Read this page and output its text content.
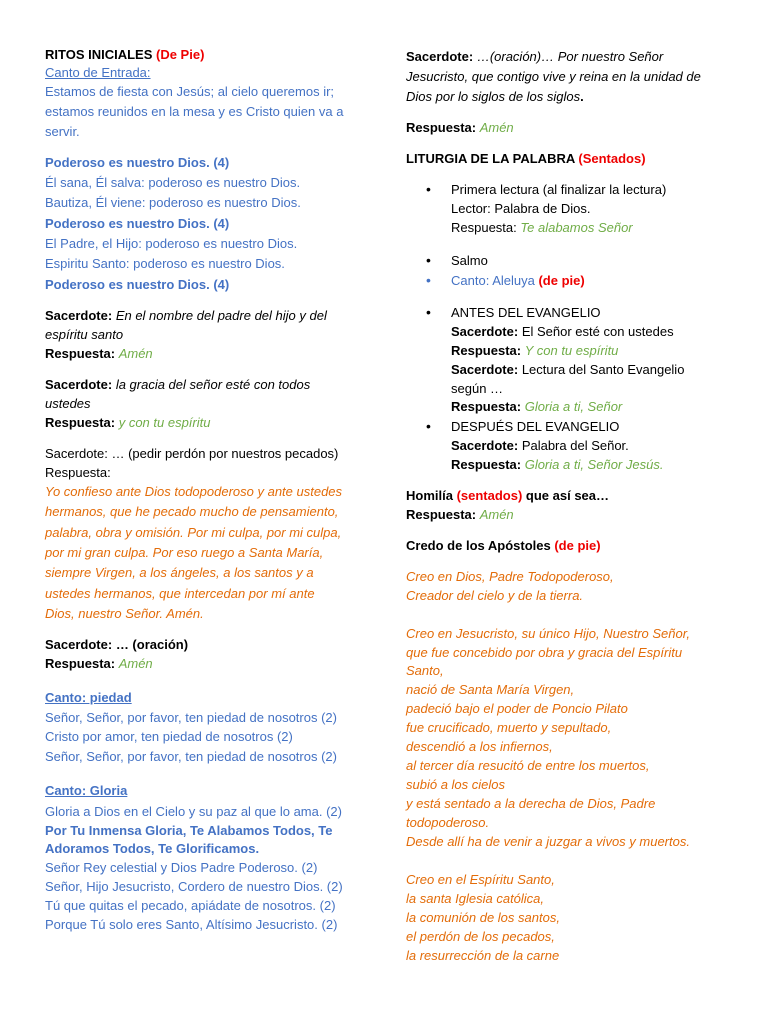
RITOS INICIALES (De Pie)
Canto de Entrada:
Estamos de fiesta con Jesús; al cielo queremos ir;
estamos reunidos en la mesa y es Cristo quien va a
servir.
Poderoso es nuestro Dios. (4)
Él sana, Él salva: poderoso es nuestro Dios.
Bautiza, Él viene: poderoso es nuestro Dios.
Poderoso es nuestro Dios. (4)
El Padre, el Hijo: poderoso es nuestro Dios.
Espiritu Santo: poderoso es nuestro Dios.
Poderoso es nuestro Dios. (4)
Sacerdote: En el nombre del padre del hijo y del
espíritu santo
Respuesta: Amén
Sacerdote: la gracia del señor esté con todos
ustedes
Respuesta: y con tu espíritu
Sacerdote: … (pedir perdón por nuestros pecados)
Respuesta:
Yo confieso ante Dios todopoderoso y ante ustedes
hermanos, que he pecado mucho de pensamiento,
palabra, obra y omisión. Por mi culpa, por mi culpa,
por mi gran culpa. Por eso ruego a Santa María,
siempre Virgen, a los ángeles, a los santos y a
ustedes hermanos, que intercedan por mí ante
Dios, nuestro Señor. Amén.
Sacerdote: … (oración)
Respuesta: Amén
Canto: piedad
Señor, Señor, por favor, ten piedad de nosotros (2)
Cristo por amor, ten piedad de nosotros (2)
Señor, Señor, por favor, ten piedad de nosotros (2)
Canto: Gloria
Gloria a Dios en el Cielo y su paz al que lo ama. (2)
Por Tu Inmensa Gloria, Te Alabamos Todos, Te
Adoramos Todos, Te Glorificamos.
Señor Rey celestial y Dios Padre Poderoso. (2)
Señor, Hijo Jesucristo, Cordero de nuestro Dios. (2)
Tú que quitas el pecado, apiádate de nosotros. (2)
Porque Tú solo eres Santo, Altísimo Jesucristo. (2)
Sacerdote: …(oración)… Por nuestro Señor
Jesucristo, que contigo vive y reina en la unidad de
Dios por lo siglos de los siglos.
Respuesta: Amén
LITURGIA DE LA PALABRA (Sentados)
• Primera lectura (al finalizar la lectura)
Lector: Palabra de Dios.
Respuesta: Te alabamos Señor
• Salmo
• Canto: Aleluya (de pie)
• ANTES DEL EVANGELIO
Sacerdote: El Señor esté con ustedes
Respuesta: Y con tu espíritu
Sacerdote: Lectura del Santo Evangelio
según …
Respuesta: Gloria a ti, Señor
• DESPUÉS DEL EVANGELIO
Sacerdote: Palabra del Señor.
Respuesta: Gloria a ti, Señor Jesús.
Homilía (sentados) que así sea…
Respuesta: Amén
Credo de los Apóstoles (de pie)
Creo en Dios, Padre Todopoderoso,
Creador del cielo y de la tierra.
Creo en Jesucristo, su único Hijo, Nuestro Señor,
que fue concebido por obra y gracia del Espíritu
Santo,
nació de Santa María Virgen,
padeció bajo el poder de Poncio Pilato
fue crucificado, muerto y sepultado,
descendió a los infiernos,
al tercer día resucitó de entre los muertos,
subió a los cielos
y está sentado a la derecha de Dios, Padre
todopoderoso.
Desde allí ha de venir a juzgar a vivos y muertos.
Creo en el Espíritu Santo,
la santa Iglesia católica,
la comunión de los santos,
el perdón de los pecados,
la resurrección de la carne
